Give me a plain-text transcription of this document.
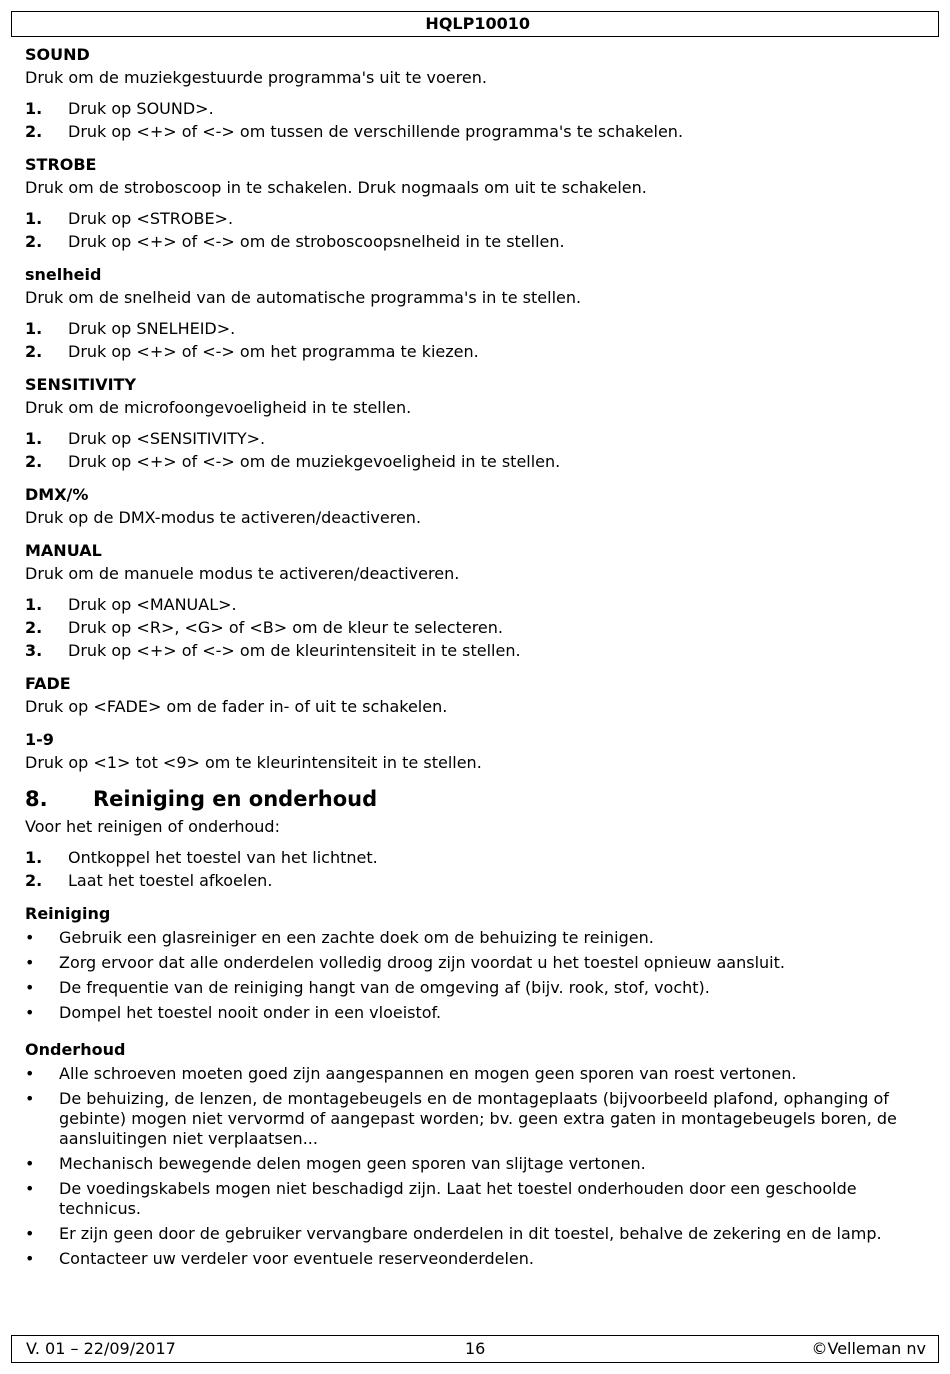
HQLP10010

SOUND

Druk om de muziekgestuurde programma's uit te voeren.

1. Druk op SOUND>.
2. Druk op <+> of <-> om tussen de verschillende programma's te schakelen.

STROBE

Druk om de stroboscoop in te schakelen. Druk nogmaals om uit te schakelen.

1. Druk op <STROBE>.
2. Druk op <+> of <-> om de stroboscoopsnelheid in te stellen.

snelheid

Druk om de snelheid van de automatische programma's in te stellen.

1. Druk op SNELHEID>.
2. Druk op <+> of <-> om het programma te kiezen.

SENSITIVITY

Druk om de microfoongevoeligheid in te stellen.

1. Druk op <SENSITIVITY>.
2. Druk op <+> of <-> om de muziekgevoeligheid in te stellen.

DMX/%

Druk op de DMX-modus te activeren/deactiveren.

MANUAL

Druk om de manuele modus te activeren/deactiveren.

1. Druk op <MANUAL>.
2. Druk op <R>, <G> of <B> om de kleur te selecteren.
3. Druk op <+> of <-> om de kleurintensiteit in te stellen.

FADE

Druk op <FADE> om de fader in- of uit te schakelen.

1-9

Druk op <1> tot <9> om te kleurintensiteit in te stellen.

8. Reiniging en onderhoud

Voor het reinigen of onderhoud:

1. Ontkoppel het toestel van het lichtnet.
2. Laat het toestel afkoelen.

Reiniging

• Gebruik een glasreiniger en een zachte doek om de behuizing te reinigen.
• Zorg ervoor dat alle onderdelen volledig droog zijn voordat u het toestel opnieuw aansluit.
• De frequentie van de reiniging hangt van de omgeving af (bijv. rook, stof, vocht).
• Dompel het toestel nooit onder in een vloeistof.

Onderhoud

• Alle schroeven moeten goed zijn aangespannen en mogen geen sporen van roest vertonen.
• De behuizing, de lenzen, de montagebeugels en de montageplaats (bijvoorbeeld plafond, ophanging of gebinte) mogen niet vervormd of aangepast worden; bv. geen extra gaten in montagebeugels boren, de aansluitingen niet verplaatsen...
• Mechanisch bewegende delen mogen geen sporen van slijtage vertonen.
• De voedingskabels mogen niet beschadigd zijn. Laat het toestel onderhouden door een geschoolde technicus.
• Er zijn geen door de gebruiker vervangbare onderdelen in dit toestel, behalve de zekering en de lamp.
• Contacteer uw verdeler voor eventuele reserveonderdelen.
V. 01 – 22/09/2017	16	©Velleman nv
